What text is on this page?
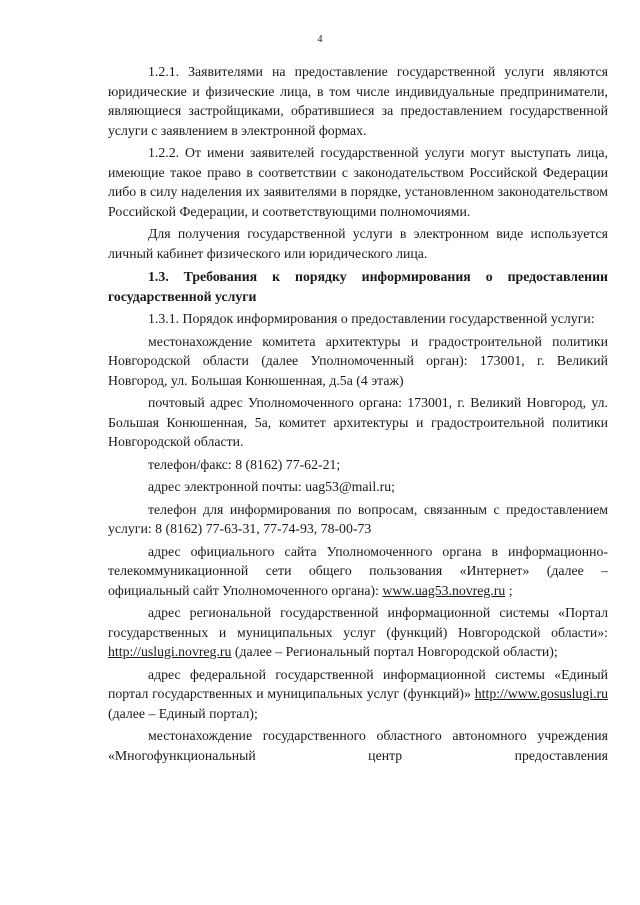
4

1.2.1. Заявителями на предоставление государственной услуги являются юридические и физические лица, в том числе индивидуальные предприниматели, являющиеся застройщиками, обратившиеся за предоставлением государственной услуги с заявлением в электронной формах.

1.2.2. От имени заявителей государственной услуги могут выступать лица, имеющие такое право в соответствии с законодательством Российской Федерации либо в силу наделения их заявителями в порядке, установленном законодательством Российской Федерации, и соответствующими полномочиями.

Для получения государственной услуги в электронном виде используется личный кабинет физического или юридического лица.

1.3. Требования к порядку информирования о предоставлении государственной услуги

1.3.1. Порядок информирования о предоставлении государственной услуги:

местонахождение комитета архитектуры и градостроительной политики Новгородской области (далее Уполномоченный орган): 173001, г. Великий Новгород, ул. Большая Конюшенная, д.5а (4 этаж)

почтовый адрес Уполномоченного органа: 173001, г. Великий Новгород, ул. Большая Конюшенная, 5а, комитет архитектуры и градостроительной политики Новгородской области.

телефон/факс: 8 (8162) 77-62-21;

адрес электронной почты: uag53@mail.ru;

телефон для информирования по вопросам, связанным с предоставлением услуги: 8 (8162) 77-63-31, 77-74-93, 78-00-73

адрес официального сайта Уполномоченного органа в информационно-телекоммуникационной сети общего пользования «Интернет» (далее – официальный сайт Уполномоченного органа): www.uag53.novreg.ru ;

адрес региональной государственной информационной системы «Портал государственных и муниципальных услуг (функций) Новгородской области»: http://uslugi.novreg.ru (далее – Региональный портал Новгородской области);

адрес федеральной государственной информационной системы «Единый портал государственных и муниципальных услуг (функций)» http://www.gosuslugi.ru (далее – Единый портал);

местонахождение государственного областного автономного учреждения «Многофункциональный центр предоставления
